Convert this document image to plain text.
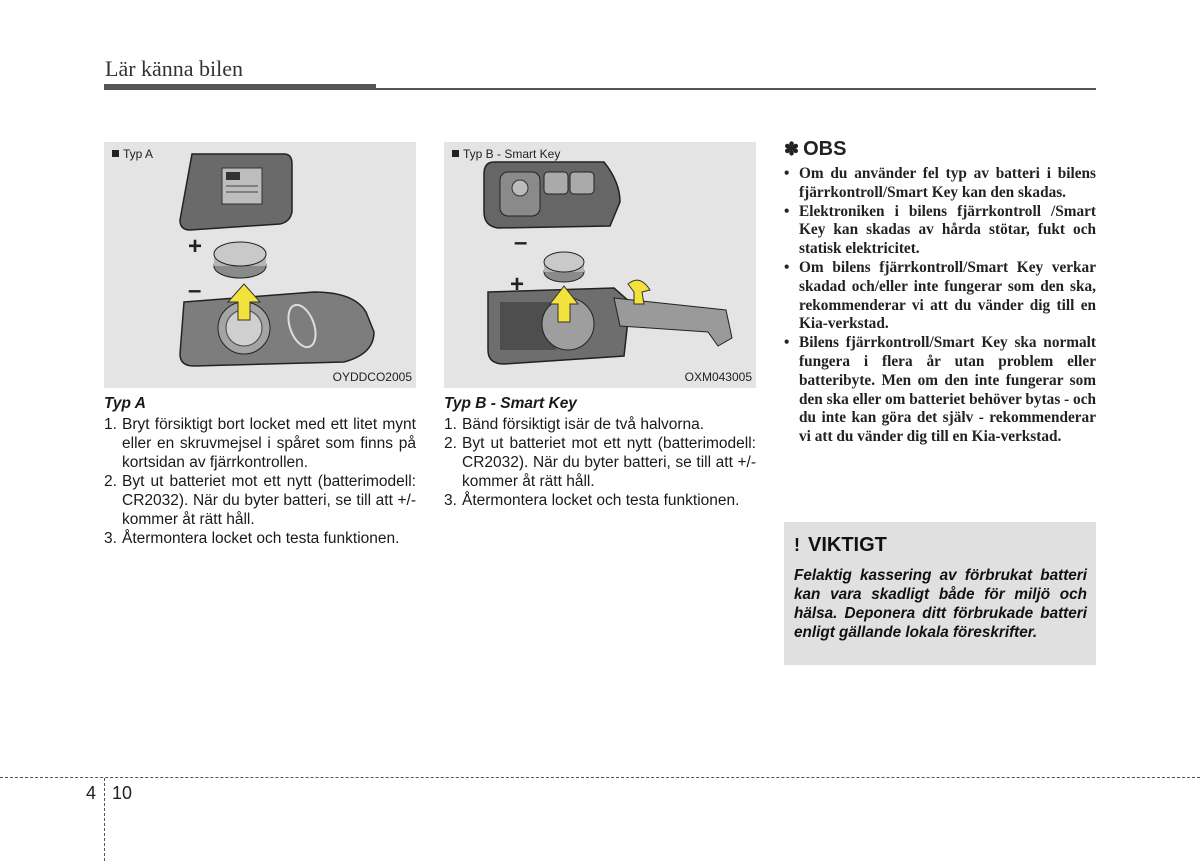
Lär känna bilen
+
–
Typ A
OYDDCO2005
–
+
Typ B - Smart Key
OXM043005
Typ A
1. Bryt försiktigt bort locket med ett litet mynt eller en skruvmejsel i spåret som finns på kortsidan av fjärrkontrollen.
2. Byt ut batteriet mot ett nytt (batterimodell: CR2032). När du byter batteri, se till att +/- kommer åt rätt håll.
3. Återmontera locket och testa funktionen.
Typ B - Smart Key
1. Bänd försiktigt isär de två halvorna.
2. Byt ut batteriet mot ett nytt (batterimodell: CR2032). När du byter batteri, se till att +/- kommer åt rätt håll.
3. Återmontera locket och testa funktionen.
✽ OBS
• Om du använder fel typ av batteri i bilens fjärrkontroll/Smart Key kan den skadas.
• Elektroniken i bilens fjärrkontroll /Smart Key kan skadas av hårda stötar, fukt och statisk elektricitet.
• Om bilens fjärrkontroll/Smart Key verkar skadad och/eller inte fungerar som den ska, rekommenderar vi att du vänder dig till en Kia-verkstad.
• Bilens fjärrkontroll/Smart Key ska normalt fungera i flera år utan problem eller batteribyte. Men om den inte fungerar som den ska eller om batteriet behöver bytas - och du inte kan göra det själv - rekommenderar vi att du vänder dig till en Kia-verkstad.
! VIKTIGT
Felaktig kassering av förbrukat batteri kan vara skadligt både för miljö och hälsa. Deponera ditt förbrukade batteri enligt gällande lokala föreskrifter.
4 10
